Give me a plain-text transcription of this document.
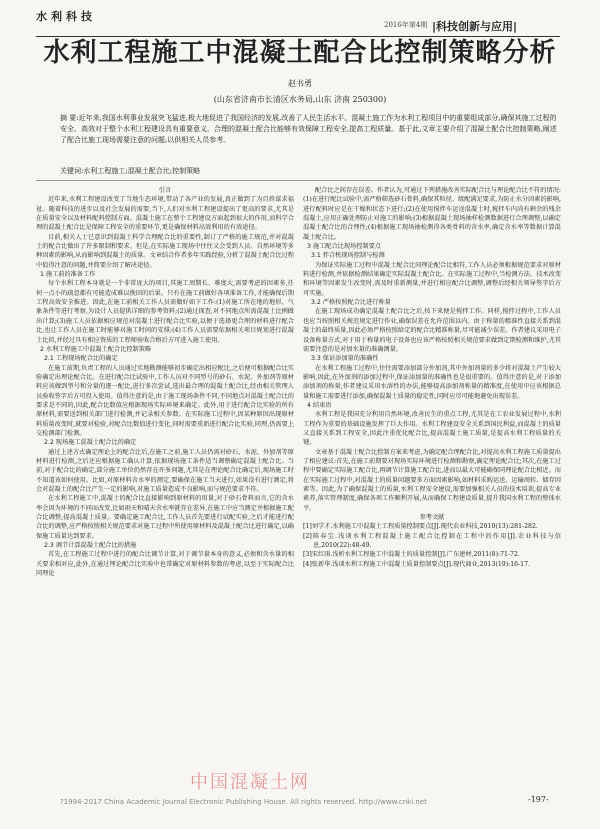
水利科技
2016年第4期 |科技创新与应用|
水利工程施工中混凝土配合比控制策略分析
赵书勇
(山东省济南市长清区水务局,山东 济南 250300)
摘 要:近年来,我国水利事业发展突飞猛进,极大地促进了我国经济的发展,改善了人民生活水平。混凝土施工作为水利工程项目中的重要组成部分,确保其施工过程的安全、高效对于整个水利工程建设具有重要意义。合理的混凝土配合比能够有效保障工程安全,提高工程质量。基于此,文章主要介绍了混凝土配合比控制策略,阐述了配合比施工现场需要注意的问题,以供相关人员参考。
关键词:水利工程施工;混凝土配合比;控制策略

引言

近年来,水利工程建设改变了当地生态环境,带动了各产业的发展,真正做到了为百姓谋求福祉。随着科技的进步以及社会发展的需要,当下,人们对水利工程建设提出了更高的要求,尤其是在质量安全以及材料配料控制方面。混凝土施工在整个工程建设方面起到很大的作用,而科学合理的混凝土配合比是保障工程安全的重要环节,更是确保材料高效利用的有效途径。

目前,相关人士已意识到混凝土科学合理配合比的重要性,制订了严格的施工规范,并对混凝土的配合比做出了许多限制和要求。但是,在实际施工现场中往往又会受到人员、自然环境等多种因素的影响,从而影响到混凝土的质量。文章结合作者多年实践经验,分析了混凝土配合比过程中值得注意的问题,并简要介绍了解决途径。

1 施工前的准备工作

每个水利工程本身就是一个非常庞大的项目,其施工周期长、难度大,需要考虑的因素多,任何一点小的疏忽都有可能造成难以挽回的后果。只有在施工前做好各项准备工作,才能确保后期工程高效安全推进。因此,在施工前相关工作人员需做好如下工作:(1)对施工所在地的地形、气象条件等进行考察,为设计人员提供详细的参考资料;(2)通过探查,对不同地点所需混凝土比例做出计算;(3)施工人员依据相应规范对混凝土进行配合比实验,以便于选择更合理的材料进行配合比,也让工作人员在施工时能够对施工时间的安排;(4)工作人员需要依据相关项目规划进行混凝土比拟,并经过具有相应资质的工程师验收合格后方可进入施工使用。

2 水利工程施工中混凝土配合比控制策略

2.1 工程现场配合比的确定

在施工前期,负责工程的人员通过实地勘测能够初步确定出相应配比,之后便可根据配合比实验确定出理论配合比。在进行配合比试验中,工作人员对不同型号的砂石、水泥、外加剂等原材料应该做到型号和分量的逐一配比,进行多次尝试,选出最合理的混凝土配合比,经由相关管理人员验收签字后方可投入使用。值得注意的是,由于施工现场条件不同,不同地点对混凝土配合比的要求是不同的,因此,配合比数值应根据现场实际环境来确定。此外,用于进行配合比实验的所有原材料,需要送到相关部门进行检测,并记录相关参数。在实际施工过程中,因某种原因出现原材料质量改变时,就要对检验,对配合比数值进行变化,同时需要重新进行配合比实验,同理,仍需要上交检测部门检测。

2.2 现场施工混凝土配合比的确定

通过上述方式确定理论上的配合比后,在施工之前,施工人员仍需对砂石、水泥、外加剂等原材料进行检测,之后还应根据施工确认计算,依据现场施工条件适当调整确定混凝土配合比。当前,对于配合比的确定,部分施工单位仍然存在许多问题,尤其是在理论配合比确定后,现场施工时不知道该如何使用。比如,对原材料含水率的测定,要确保在施工当天进行,如果没有进行测定,将会对混凝土的配合比产生一定的影响,对施工质量造成不良影响,而与规范要求不符。

在水利工程施工中,混凝土的配合比直接影响到原材料的用量,对于砂石骨料而言,它的含水率会因为环境的不同而改变,比如雨天和晴天含水率就存在差异,在施工中应当测定并根据施工配合比调整,提高混凝土质量。要确定施工配合比,工作人员首先要进行试配实验,之后才能进行配合比的调整,应严格按照相关规范要求对施工过程中所使用原材料及混凝土配合比进行确定,以确保施工质量达到要求。

2.3 调节计算混凝土配合比的措施

首先,在工程施工过程中进行的配合比调节计算,对于调节量本身的意义,必须和含水量的相关要求相对应,此外,在通过理论配合比实验中也常确定对原材料参数的考虑,以至于实际配合比同理论

配合比之间存在误差。作者认为,可通过下列措施改善实际配合比与理论配合比不符的情况:(1)在进行配比试验中,需严格筛选砂石骨料,确保其粒径、级配满足要求,为防止水分因素的影响,进行配料时应是在干燥和状态下进行;(2)在使用搅拌车运送混凝土时,搅拌车内尚有剩余的残余混凝土,应用正确处理防止对施工的影响;(3)根据混凝土现场抽样检测数据进行合理调整,以确定混凝土配合比的合理性;(4)根据施工现场抽检测得各类骨料的含水率,确定含水率等数据计算混凝土配合比。

3 施工配合比现场控制要点

3.1 拌合机现场控制与检测

为保证实际施工过程中混凝土配合比同理论配合比相符,工作人员必须根据规范要求对原材料进行检测,并依据检测结果确定实际混凝土配合比。在实际施工过程中,当检测方法、技术改变和环境等因素发生改变时,需及时重新测量,并进行相应配合比调整,调整后经相关领导签字后方可实施。

3.2 严格按照配合比进行称量

在施工现场成功确定混凝土配合比之后,按下来便是搅拌工作。同样,搅拌过程中,工作人员也应当按照相关规范规定进行作业,确保误差在允许范围以内。由于称量的精准性直接关系到混凝土的最终质量,因此必须严格按照给定的配合比精准称量,尽可能减少误差。作者建议采用电子设备称量方式,对于用于称量的电子设备也应该严格按照相关规范要求做到定期检测和维护,尤其需要注意的是对加水量的准确测量。

3.3 保证添加量的准确性

在水利工程施工过程中,往往需要添加部分外加剂,其中外加剂量的多少将对混凝土产生较大影响,因此,在外加剂的添加过程中,保证添加量的准确性也是很重要的。值得注意的是,对于添加添加剂的称量,作者建议采用水溶性的办法,能够提高添加剂称量的精准度,在使用中应该根据总量和施工需要进行添加,确保混凝土质量的稳定性,同时应尽可能地避免出现误差。

4 结束语

水利工程是我国充分利用自然环境,改善民生的重点工程,尤其是在工农业发展过程中,水利工程作为重要的基础设施发挥了巨大作用。水利工程建设安全关系到国民利益,而混凝土的质量又直接关系到工程安全,因此注重优化配合比,提高混凝土施工质量,是提高水利工程质量的关键。

文章基于混凝土配合比控制方案来考虑,为确定配合理配合比,对提高水利工程施工质量提出了相应建议:首先,在施工前期要对现场实际环境进行检测和勘察,确定理论配合比;其次,在施工过程中要确定实际施工配合比,再调节计算施工配合比,进而以最大可能确保同理论配合比相近。而在实际施工过程中,对混凝土的质量问题要多方面因素影响,如材料采购运送、运输周转、储存因素等。因此,为了确保混凝土的质量,水利工程安全建设,需要加强相关人员的技术培训,提高专业素养,落实管理制度,确保各项工作顺利开展,从而确保工程建设质量,提升我国水利工程的整体水平。

参考文献

[1]刘学才.水利施工中混凝土工程质量控制要点[J].现代农业科技,2010(13):281-282.

[2]陈春宝.浅谈水利工程混凝土施工配合比控制在工程中的作用[J].农业科技与信息,2010(22):48-49.

[3]宋红雨.浅析水利工程施工中混凝土的质量控制[J].广东建材,2011(8):71-72.

[4]张新华.浅谈水利工程施工中混凝土质量控制要点[J].现代商业,2013(19):16-17.

中国混凝土网
?1994-2017 China Academic Journal Electronic Publishing House. All rights reserved. http://www.cnki.net	-197-
